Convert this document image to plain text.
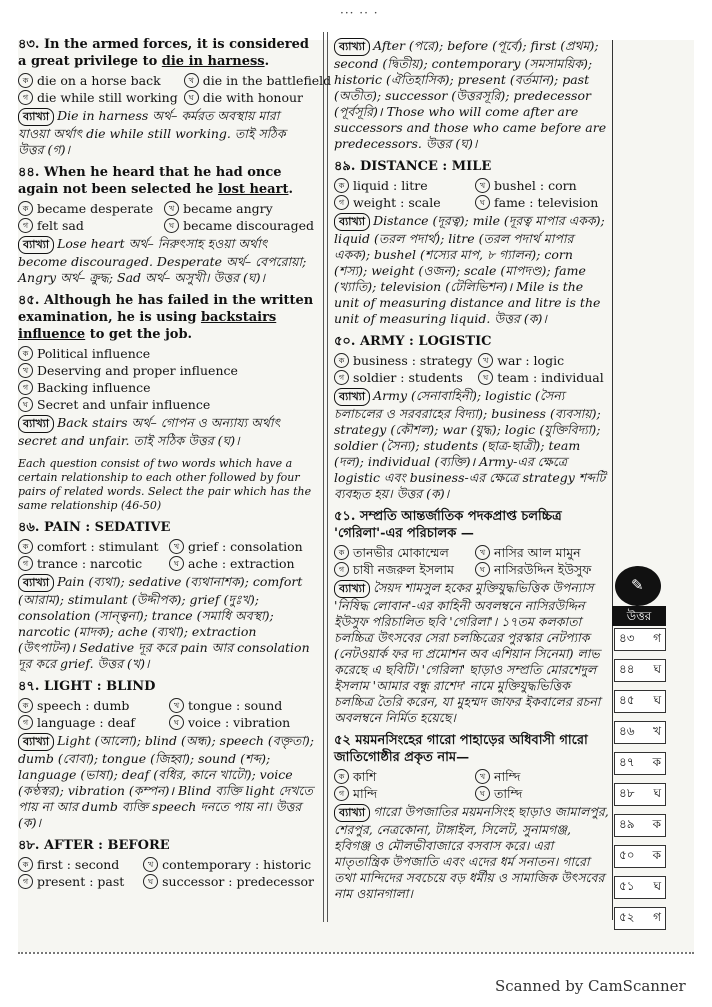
··· ·· ·
৪৩. In the armed forces, it is considered a great privilege to die in harness.
ক die on a horse back	খ die in the battlefield
গ die while still working	ঘ die with honour
ব্যাখ্যা Die in harness অর্থ– কর্মরত অবস্থায় মারা যাওয়া অর্থাৎ die while still working. তাই সঠিক উত্তর (গ)।
৪৪. When he heard that he had once again not been selected he lost heart.
ক became desperate	খ became angry
গ felt sad	ঘ became discouraged
ব্যাখ্যা Lose heart অর্থ– নিরুৎসাহ হওয়া অর্থাৎ become discouraged. Desperate অর্থ– বেপরোয়া; Angry অর্থ– ক্রুদ্ধ; Sad অর্থ– অসুখী। উত্তর (ঘ)।
৪৫. Although he has failed in the written examination, he is using backstairs influence to get the job.
ক Political influence
খ Deserving and proper influence
গ Backing influence
ঘ Secret and unfair influence
ব্যাখ্যা Back stairs অর্থ– গোপন ও অন্যায্য অর্থাৎ secret and unfair. তাই সঠিক উত্তর (ঘ)।
Each question consist of two words which have a certain relationship to each other followed by four pairs of related words. Select the pair which has the same relationship (46-50)
৪৬. PAIN : SEDATIVE
ক comfort : stimulant	খ grief : consolation
গ trance : narcotic	ঘ ache : extraction
ব্যাখ্যা Pain (ব্যথা); sedative (ব্যথানাশক); comfort (আরাম); stimulant (উদ্দীপক); grief (দুঃখ); consolation (সান্ত্বনা); trance (সমাধি অবস্থা); narcotic (মাদক); ache (ব্যথা); extraction (উৎপাটন)। Sedative দূর করে pain আর consolation দূর করে grief. উত্তর (খ)।
৪৭. LIGHT : BLIND
ক speech : dumb	খ tongue : sound
গ language : deaf	ঘ voice : vibration
ব্যাখ্যা Light (আলো); blind (অন্ধ); speech (বক্তৃতা); dumb (বোবা); tongue (জিহ্বা); sound (শব্দ); language (ভাষা); deaf (বধির, কানে খাটো); voice (কণ্ঠস্বর); vibration (কম্পন)। Blind ব্যক্তি light দেখতে পায় না আর dumb ব্যক্তি speech দনতে পায় না। উত্তর (ক)।
৪৮. AFTER : BEFORE
ক first : second	খ contemporary : historic
গ present : past	ঘ successor : predecessor
ব্যাখ্যা After (পরে); before (পূর্বে); first (প্রথম); second (দ্বিতীয়); contemporary (সমসাময়িক); historic (ঐতিহাসিক); present (বর্তমান); past (অতীত); successor (উত্তরসূরি); predecessor (পূর্বসূরি)। Those who will come after are successors and those who came before are predecessors. উত্তর (ঘ)।
৪৯. DISTANCE : MILE
ক liquid : litre	খ bushel : corn
গ weight : scale	ঘ fame : television
ব্যাখ্যা Distance (দূরত্ব); mile (দূরত্ব মাপার একক); liquid (তরল পদার্থ); litre (তরল পদার্থ মাপার একক); bushel (শস্যের মাপ, ৮ গ্যালন); corn (শস্য); weight (ওজন); scale (মাপদণ্ড); fame (খ্যাতি); television (টেলিভিশন)। Mile is the unit of measuring distance and litre is the unit of measuring liquid. উত্তর (ক)।
৫০. ARMY : LOGISTIC
ক business : strategy	খ war : logic
গ soldier : students	ঘ team : individual
ব্যাখ্যা Army (সেনাবাহিনী); logistic (সৈন্য চলাচলের ও সরবরাহের বিদ্যা); business (ব্যবসায়); strategy (কৌশল); war (যুদ্ধ); logic (যুক্তিবিদ্যা); soldier (সৈন্য); students (ছাত্র-ছাত্রী); team (দল); individual (ব্যক্তি)। Army-এর ক্ষেত্রে logistic এবং business-এর ক্ষেত্রে strategy শব্দটি ব্যবহৃত হয়। উত্তর (ক)।
৫১. সম্প্রতি আন্তর্জাতিক পদকপ্রাপ্ত চলচ্চিত্র 'গেরিলা'-এর পরিচালক —
ক তানভীর মোকাম্মেল	খ নাসির আল মামুন
গ চাষী নজরুল ইসলাম	ঘ নাসিরউদ্দিন ইউসুফ
ব্যাখ্যা সৈয়দ শামসুল হকের মুক্তিযুদ্ধভিত্তিক উপন্যাস 'নিষিদ্ধ লোবান'-এর কাহিনী অবলম্বনে নাসিরউদ্দিন ইউসুফ পরিচালিত ছবি 'গেরিলা'। ১৭তম কলকাতা চলচ্চিত্র উৎসবের সেরা চলচ্চিত্রের পুরস্কার নেটপ্যাক (নেটওয়ার্ক ফর দ্য প্রমোশন অব এশিয়ান সিনেমা) লাভ করেছে এ ছবিটি। 'গেরিলা' ছাড়াও সম্প্রতি মোরশেদুল ইসলাম 'আমার বন্ধু রাশেদ' নামে মুক্তিযুদ্ধভিত্তিক চলচ্চিত্র তৈরি করেন, যা মুহম্মদ জাফর ইকবালের রচনা অবলম্বনে নির্মিত হয়েছে।
৫২ ময়মনসিংহের গারো পাহাড়ের অধিবাসী গারো জাতিগোষ্ঠীর প্রকৃত নাম—
ক কাশি	খ নাম্দি
গ মান্দি	ঘ তাম্দি
ব্যাখ্যা গারো উপজাতির ময়মনসিংহ ছাড়াও জামালপুর, শেরপুর, নেত্রকোনা, টাঙ্গাইল, সিলেট, সুনামগঞ্জ, হবিগঞ্জ ও মৌলভীবাজারে বসবাস করে। এরা মাতৃতান্ত্রিক উপজাতি এবং এদের ধর্ম সনাতন। গারো তথা মান্দিদের সবচেয়ে বড় ধর্মীয় ও সামাজিক উৎসবের নাম ওয়ানগালা।
✎
উত্তর
৪৩ গ
৪৪ ঘ
৪৫ ঘ
৪৬ খ
৪৭ ক
৪৮ ঘ
৪৯ ক
৫০ ক
৫১ ঘ
৫২ গ
Scanned by CamScanner
